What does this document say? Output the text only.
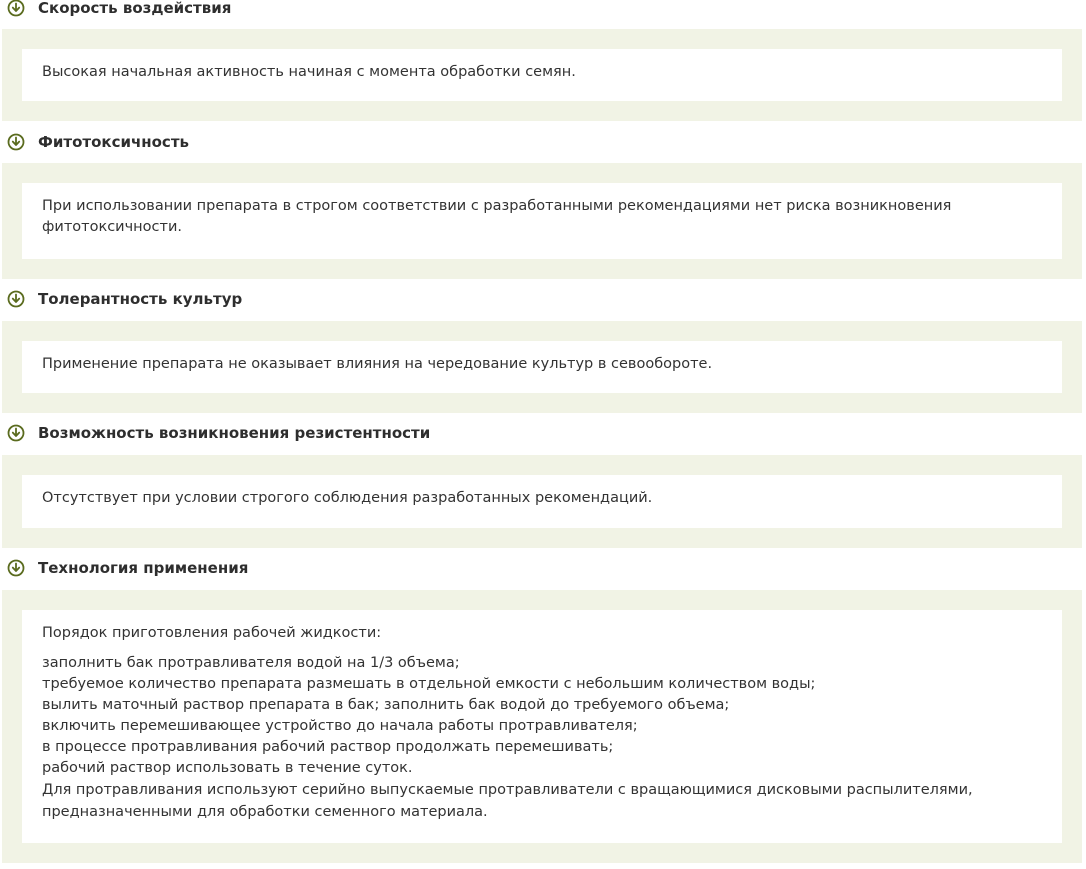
Скорость воздействия

Высокая начальная активность начиная с момента обработки семян.

Фитотоксичность

При использовании препарата в строгом соответствии с разработанными рекомендациями нет риска возникновения фитотоксичности.

Толерантность культур

Применение препарата не оказывает влияния на чередование культур в севообороте.

Возможность возникновения резистентности

Отсутствует при условии строгого соблюдения разработанных рекомендаций.

Технология применения

Порядок приготовления рабочей жидкости:

заполнить бак протравливателя водой на 1/3 объема;
требуемое количество препарата размешать в отдельной емкости с небольшим количеством воды;
вылить маточный раствор препарата в бак; заполнить бак водой до требуемого объема;
включить перемешивающее устройство до начала работы протравливателя;
в процессе протравливания рабочий раствор продолжать перемешивать;
рабочий раствор использовать в течение суток.
Для протравливания используют серийно выпускаемые протравливатели с вращающимися дисковыми распылителями, предназначенными для обработки семенного материала.
